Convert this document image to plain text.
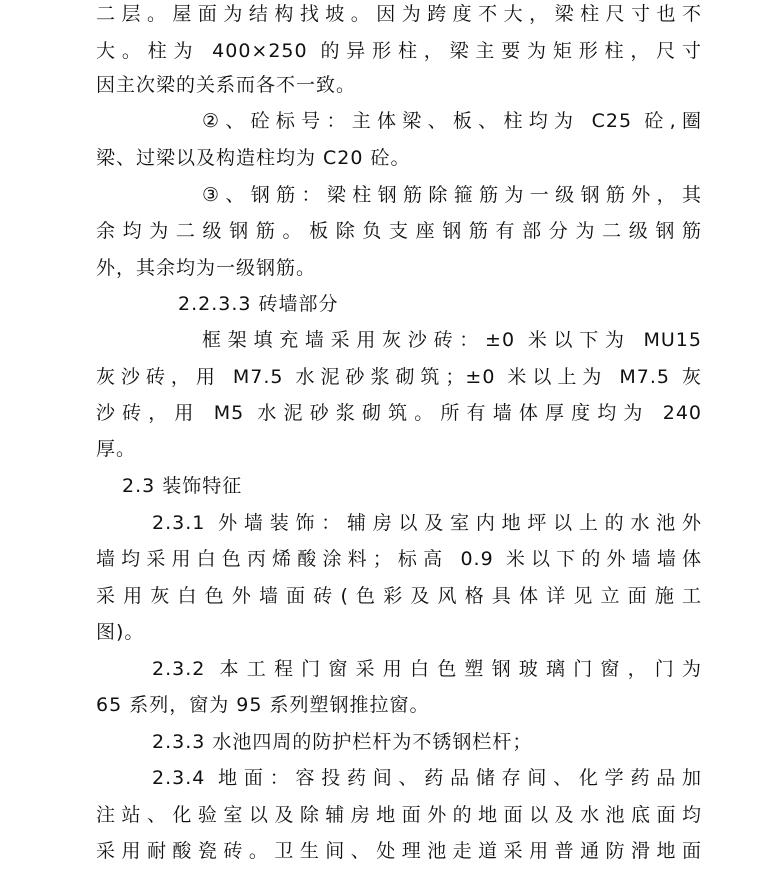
二层。屋面为结构找坡。因为跨度不大，梁柱尺寸也不
大。柱为 400×250 的异形柱，梁主要为矩形柱，尺寸
因主次梁的关系而各不一致。
②、砼标号：主体梁、板、柱均为 C25 砼,圈
梁、过梁以及构造柱均为 C20 砼。
③、钢筋：梁柱钢筋除箍筋为一级钢筋外，其
余均为二级钢筋。板除负支座钢筋有部分为二级钢筋
外，其余均为一级钢筋。
2.2.3.3 砖墙部分
框架填充墙采用灰沙砖：±0 米以下为 MU15
灰沙砖，用 M7.5 水泥砂浆砌筑；±0 米以上为 M7.5 灰
沙砖，用 M5 水泥砂浆砌筑。所有墙体厚度均为 240
厚。
2.3 装饰特征
2.3.1 外墙装饰：辅房以及室内地坪以上的水池外
墙均采用白色丙烯酸涂料；标高 0.9 米以下的外墙墙体
采用灰白色外墙面砖(色彩及风格具体详见立面施工
图)。
2.3.2 本工程门窗采用白色塑钢玻璃门窗，门为
65 系列，窗为 95 系列塑钢推拉窗。
2.3.3 水池四周的防护栏杆为不锈钢栏杆；
2.3.4 地面：容投药间、药品储存间、化学药品加
注站、化验室以及除辅房地面外的地面以及水池底面均
采用耐酸瓷砖。卫生间、处理池走道采用普通防滑地面
